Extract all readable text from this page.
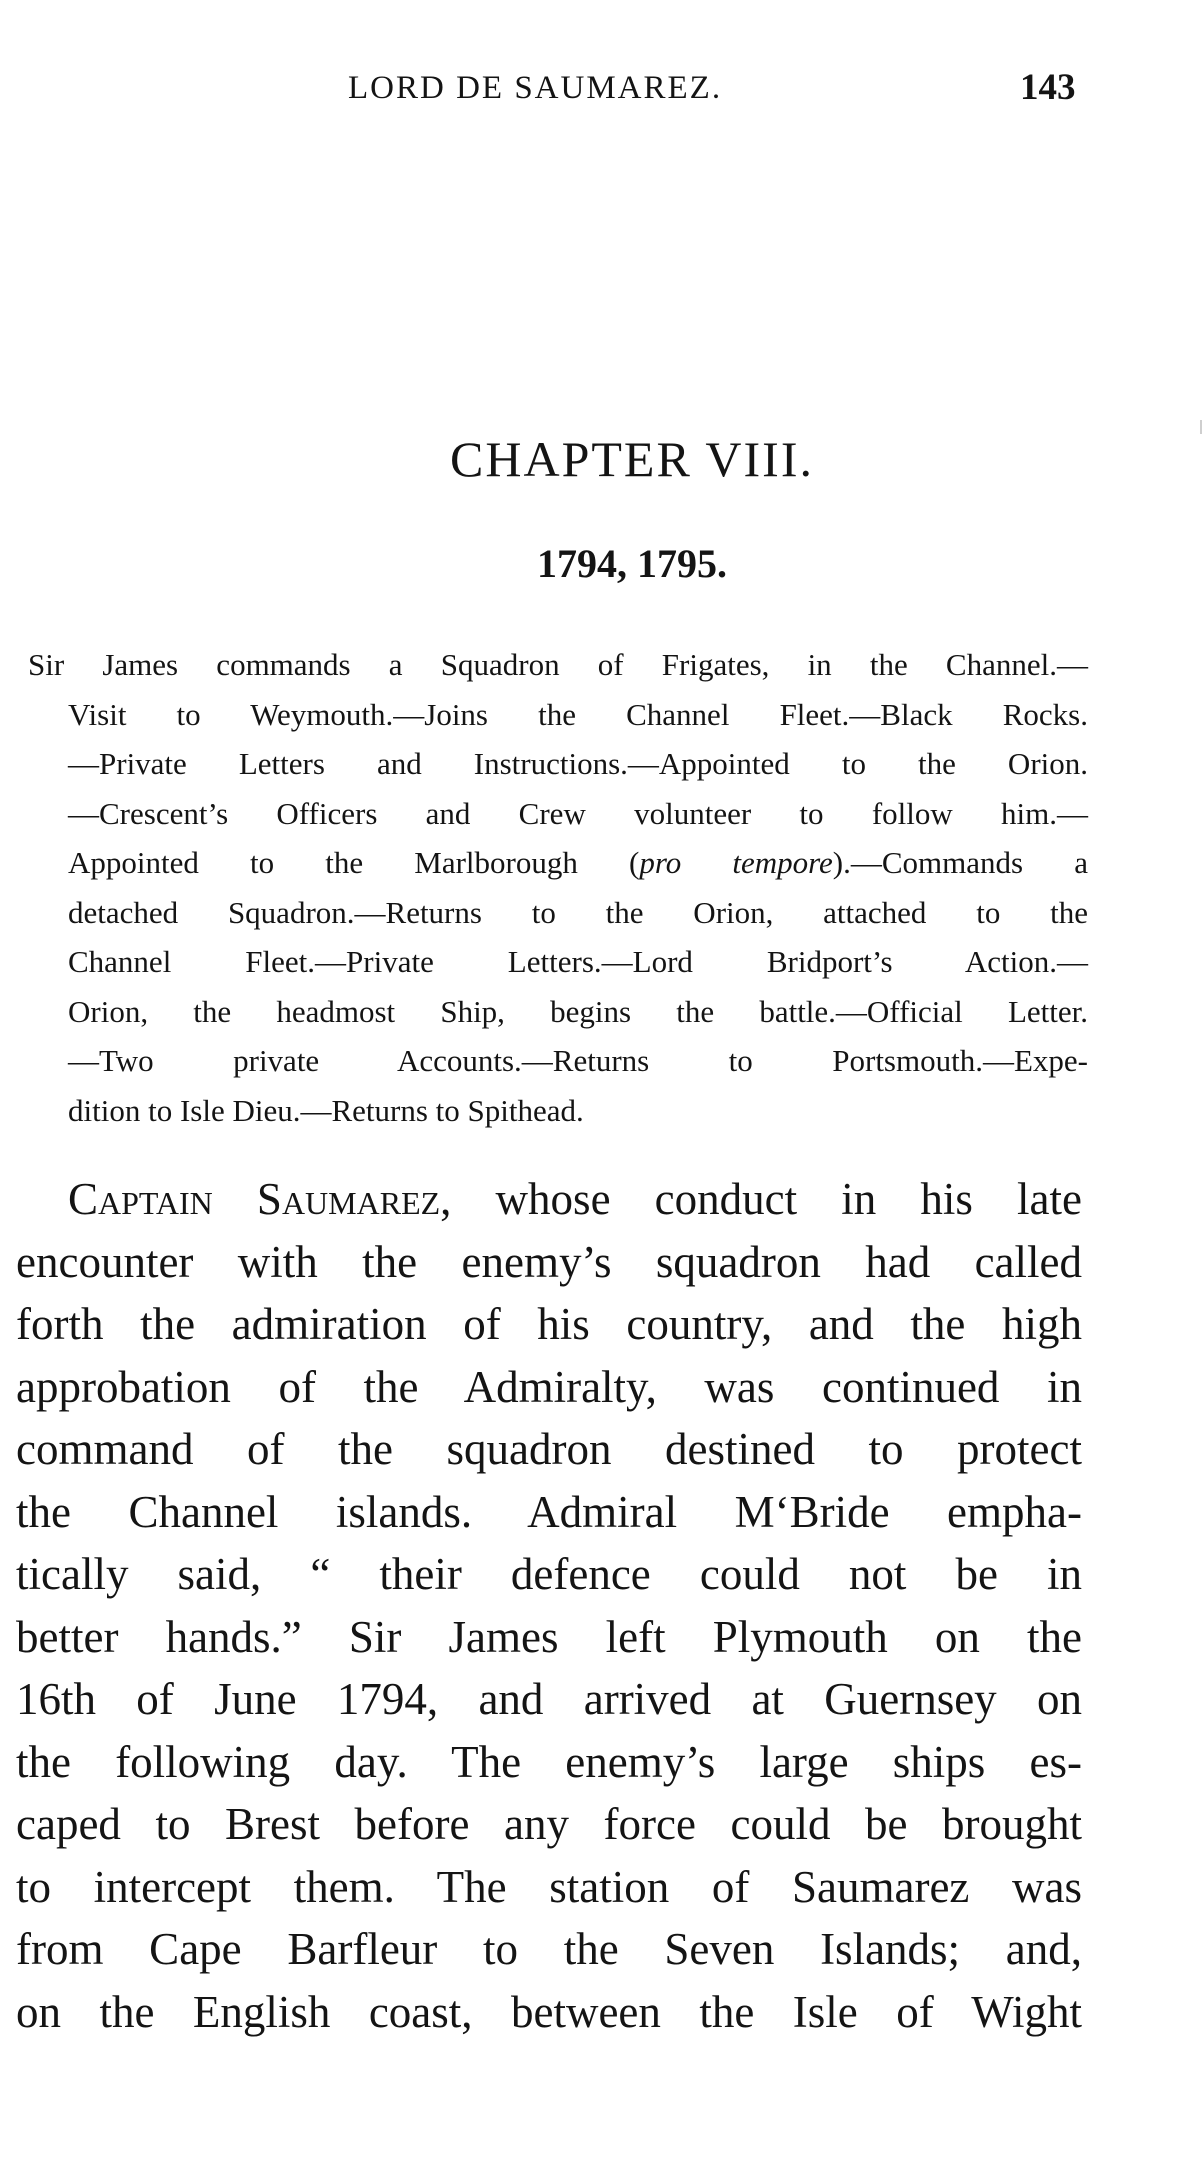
LORD DE SAUMAREZ.	143
CHAPTER VIII.
1794, 1795.

Sir James commands a Squadron of Frigates, in the Channel.—
Visit to Weymouth.—Joins the Channel Fleet.—Black Rocks.
—Private Letters and Instructions.—Appointed to the Orion.
—Crescent’s Officers and Crew volunteer to follow him.—
Appointed to the Marlborough (pro tempore).—Commands a
detached Squadron.—Returns to the Orion, attached to the
Channel Fleet.—Private Letters.—Lord Bridport’s Action.—
Orion, the headmost Ship, begins the battle.—Official Letter.
—Two private Accounts.—Returns to Portsmouth.—Expe-
dition to Isle Dieu.—Returns to Spithead.

Captain Saumarez, whose conduct in his late
encounter with the enemy’s squadron had called
forth the admiration of his country, and the high
approbation of the Admiralty, was continued in
command of the squadron destined to protect
the Channel islands. Admiral M‘Bride empha-
tically said, “ their defence could not be in
better hands.” Sir James left Plymouth on the
16th of June 1794, and arrived at Guernsey on
the following day. The enemy’s large ships es-
caped to Brest before any force could be brought
to intercept them. The station of Saumarez was
from Cape Barfleur to the Seven Islands; and,
on the English coast, between the Isle of Wight
